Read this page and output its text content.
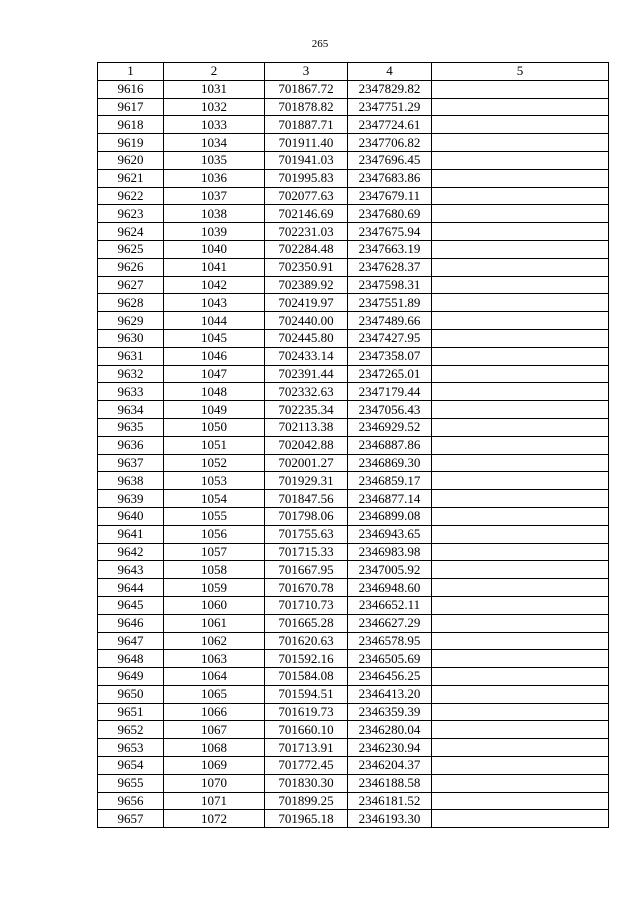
265
1	2	3	4	5
9616	1031	701867.72	2347829.82	
9617	1032	701878.82	2347751.29	
9618	1033	701887.71	2347724.61	
9619	1034	701911.40	2347706.82	
9620	1035	701941.03	2347696.45	
9621	1036	701995.83	2347683.86	
9622	1037	702077.63	2347679.11	
9623	1038	702146.69	2347680.69	
9624	1039	702231.03	2347675.94	
9625	1040	702284.48	2347663.19	
9626	1041	702350.91	2347628.37	
9627	1042	702389.92	2347598.31	
9628	1043	702419.97	2347551.89	
9629	1044	702440.00	2347489.66	
9630	1045	702445.80	2347427.95	
9631	1046	702433.14	2347358.07	
9632	1047	702391.44	2347265.01	
9633	1048	702332.63	2347179.44	
9634	1049	702235.34	2347056.43	
9635	1050	702113.38	2346929.52	
9636	1051	702042.88	2346887.86	
9637	1052	702001.27	2346869.30	
9638	1053	701929.31	2346859.17	
9639	1054	701847.56	2346877.14	
9640	1055	701798.06	2346899.08	
9641	1056	701755.63	2346943.65	
9642	1057	701715.33	2346983.98	
9643	1058	701667.95	2347005.92	
9644	1059	701670.78	2346948.60	
9645	1060	701710.73	2346652.11	
9646	1061	701665.28	2346627.29	
9647	1062	701620.63	2346578.95	
9648	1063	701592.16	2346505.69	
9649	1064	701584.08	2346456.25	
9650	1065	701594.51	2346413.20	
9651	1066	701619.73	2346359.39	
9652	1067	701660.10	2346280.04	
9653	1068	701713.91	2346230.94	
9654	1069	701772.45	2346204.37	
9655	1070	701830.30	2346188.58	
9656	1071	701899.25	2346181.52	
9657	1072	701965.18	2346193.30	
